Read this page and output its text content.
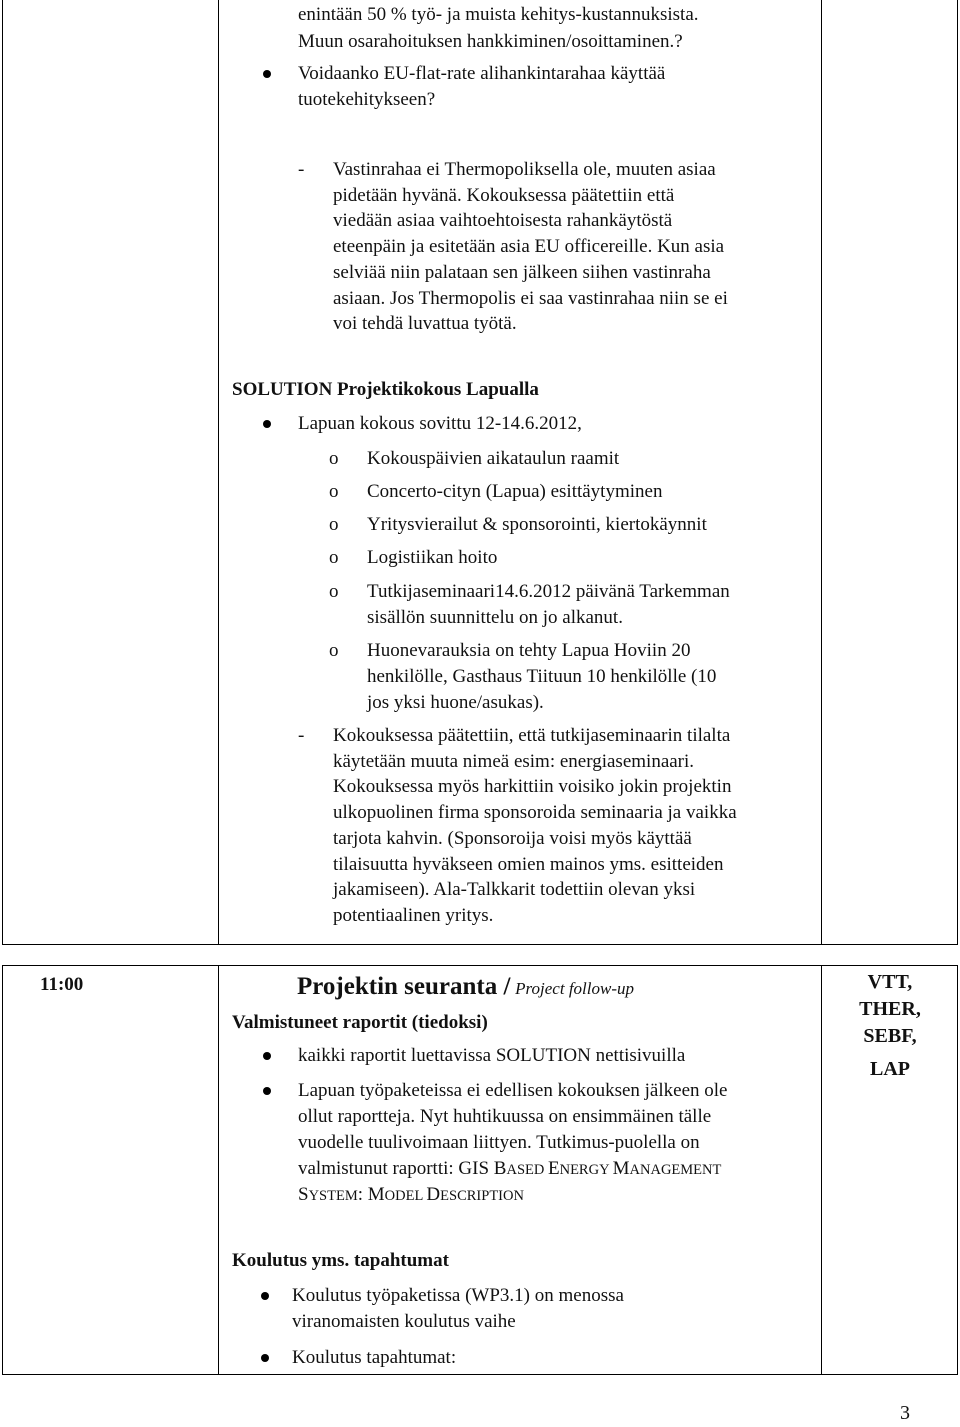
enintään 50 % työ- ja muista kehitys-kustannuksista.
Muun osarahoituksen hankkiminen/osoittaminen.?
Voidaanko EU-flat-rate alihankintarahaa käyttää
tuotekehitykseen?
- Vastinrahaa ei Thermopoliksella ole, muuten asiaa
pidetään hyvänä. Kokouksessa päätettiin että
viedään asiaa vaihtoehtoisesta rahankäytöstä
eteenpäin ja esitetään asia EU officereille. Kun asia
selviää niin palataan sen jälkeen siihen vastinraha
asiaan. Jos Thermopolis ei saa vastinrahaa niin se ei
voi tehdä luvattua työtä.
SOLUTION Projektikokous Lapualla
Lapuan kokous sovittu 12-14.6.2012,
o Kokouspäivien aikataulun raamit
o Concerto-cityn (Lapua) esittäytyminen
o Yritysvierailut & sponsorointi, kiertokäynnit
o Logistiikan hoito
o Tutkijaseminaari14.6.2012 päivänä Tarkemman
sisällön suunnittelu on jo alkanut.
o Huonevarauksia on tehty Lapua Hoviin 20
henkilölle, Gasthaus Tiituun 10 henkilölle (10
jos yksi huone/asukas).
- Kokouksessa päätettiin, että tutkijaseminaarin tilalta
käytetään muuta nimeä esim: energiaseminaari.
Kokouksessa myös harkittiin voisiko jokin projektin
ulkopuolinen firma sponsoroida seminaaria ja vaikka
tarjota kahvin. (Sponsoroija voisi myös käyttää
tilaisuutta hyväkseen omien mainos yms. esitteiden
jakamiseen). Ala-Talkkarit todettiin olevan yksi
potentiaalinen yritys.
11:00	Projektin seuranta / Project follow-up	VTT,
THER,
SEBF,
LAP
Valmistuneet raportit (tiedoksi)
kaikki raportit luettavissa SOLUTION nettisivuilla
Lapuan työpaketeissa ei edellisen kokouksen jälkeen ole
ollut raportteja. Nyt huhtikuussa on ensimmäinen tälle
vuodelle tuulivoimaan liittyen. Tutkimus-puolella on
valmistunut raportti: GIS BASED ENERGY MANAGEMENT
SYSTEM: MODEL DESCRIPTION
Koulutus yms. tapahtumat
Koulutus työpaketissa (WP3.1) on menossa
viranomaisten koulutus vaihe
Koulutus tapahtumat:
3
